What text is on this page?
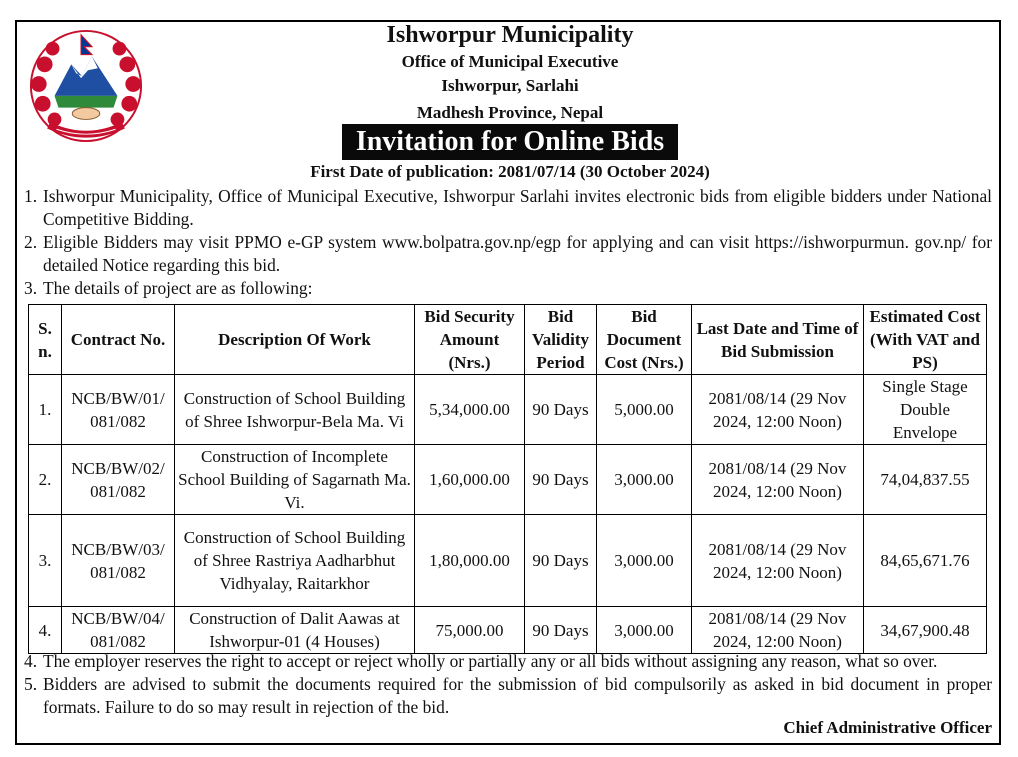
Ishworpur Municipality
Office of Municipal Executive
Ishworpur, Sarlahi
Madhesh Province, Nepal
Invitation for Online Bids
First Date of publication: 2081/07/14 (30 October 2024)
1. Ishworpur Municipality, Office of Municipal Executive, Ishworpur Sarlahi invites electronic bids from eligible bidders under National Competitive Bidding.
2. Eligible Bidders may visit PPMO e-GP system www.bolpatra.gov.np/egp for applying and can visit https://ishworpurmun. gov.np/ for detailed Notice regarding this bid.
3. The details of project are as following:
S. n.	Contract No.	Description Of Work	Bid Security Amount (Nrs.)	Bid Validity Period	Bid Document Cost (Nrs.)	Last Date and Time of Bid Submission	Estimated Cost (With VAT and PS)
1.	NCB/BW/01/ 081/082	Construction of School Building of Shree Ishworpur-Bela Ma. Vi	5,34,000.00	90 Days	5,000.00	2081/08/14 (29 Nov 2024, 12:00 Noon)	Single Stage Double Envelope
2.	NCB/BW/02/ 081/082	Construction of Incomplete School Building of Sagarnath Ma. Vi.	1,60,000.00	90 Days	3,000.00	2081/08/14 (29 Nov 2024, 12:00 Noon)	74,04,837.55
3.	NCB/BW/03/ 081/082	Construction of School Building of Shree Rastriya Aadharbhut Vidhyalay, Raitarkhor	1,80,000.00	90 Days	3,000.00	2081/08/14 (29 Nov 2024, 12:00 Noon)	84,65,671.76
4.	NCB/BW/04/ 081/082	Construction of Dalit Aawas at Ishworpur-01 (4 Houses)	75,000.00	90 Days	3,000.00	2081/08/14 (29 Nov 2024, 12:00 Noon)	34,67,900.48
4. The employer reserves the right to accept or reject wholly or partially any or all bids without assigning any reason, what so over.
5. Bidders are advised to submit the documents required for the submission of bid compulsorily as asked in bid document in proper formats. Failure to do so may result in rejection of the bid.
Chief Administrative Officer
